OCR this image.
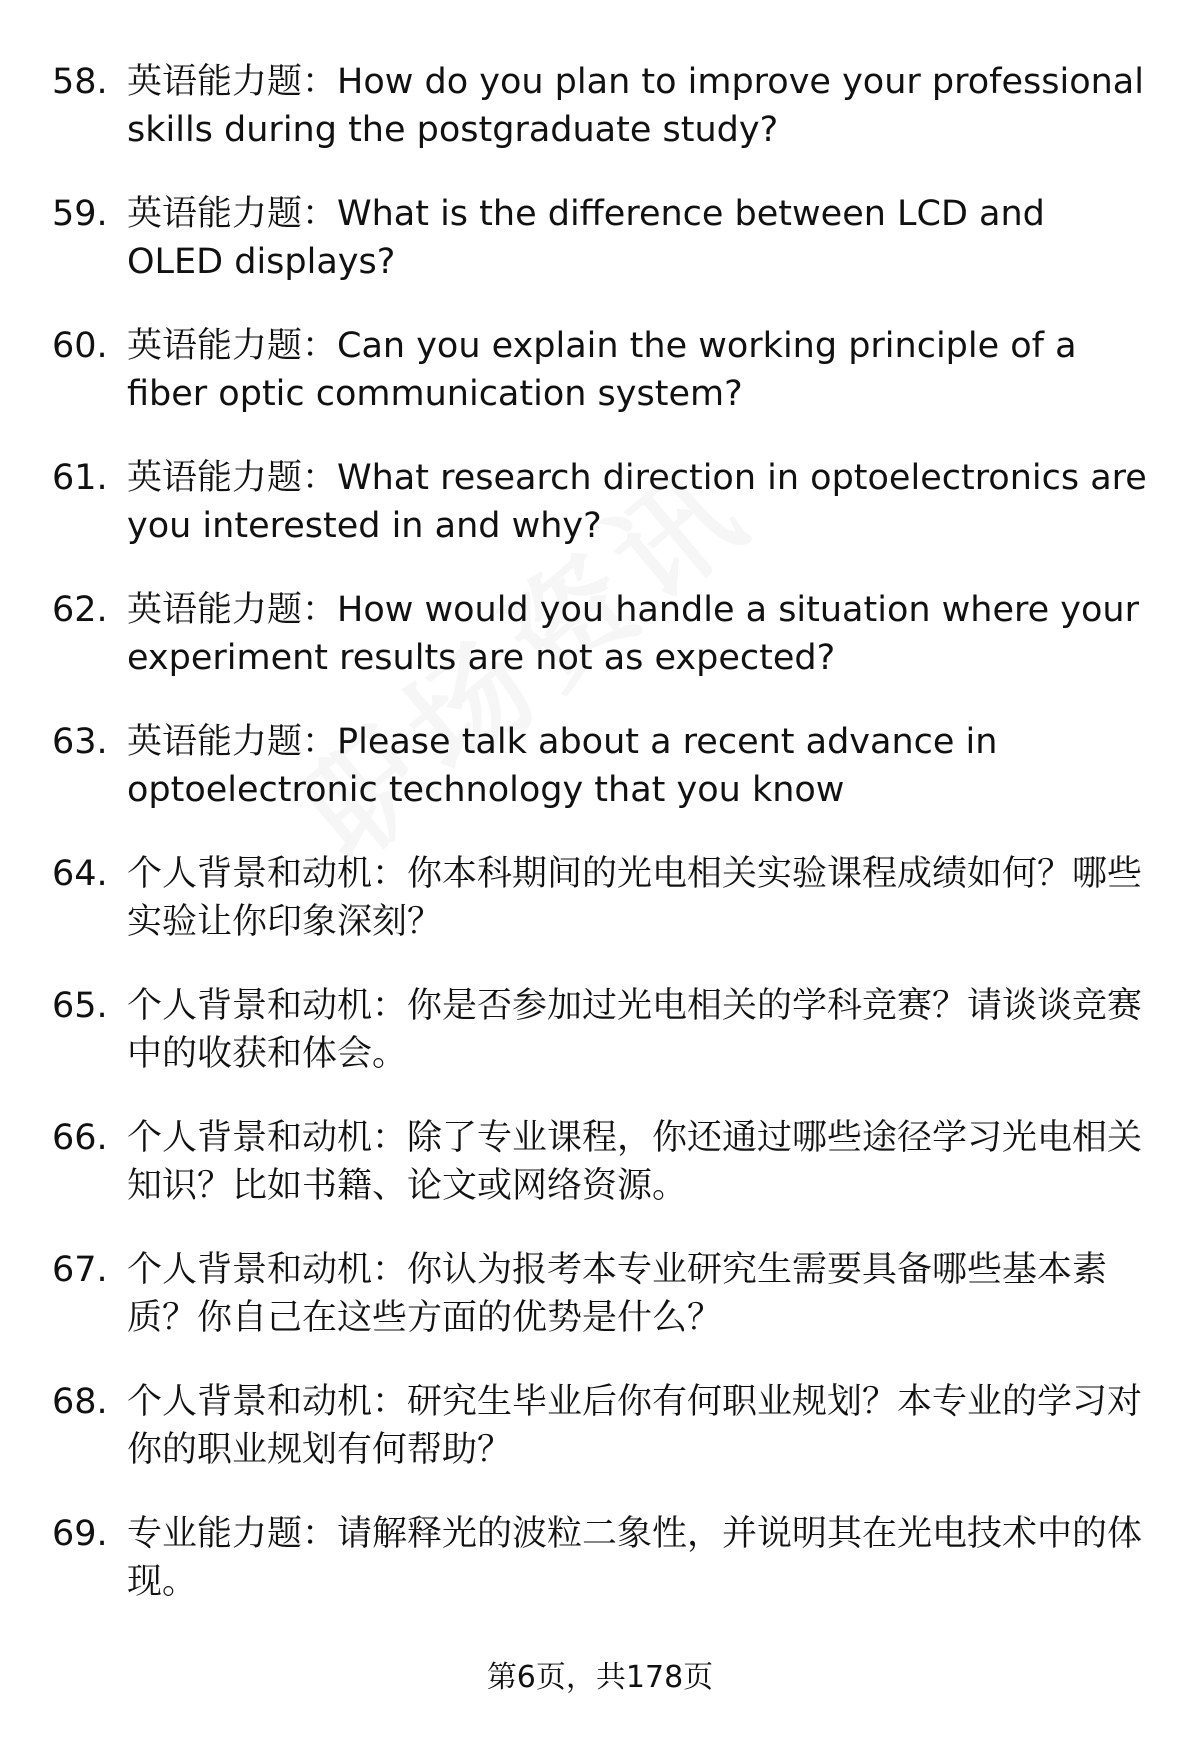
58. 英语能力题：How do you plan to improve your professional skills during the postgraduate study?
59. 英语能力题：What is the difference between LCD and OLED displays?
60. 英语能力题：Can you explain the working principle of a fiber optic communication system?
61. 英语能力题：What research direction in optoelectronics are you interested in and why?
62. 英语能力题：How would you handle a situation where your experiment results are not as expected?
63. 英语能力题：Please talk about a recent advance in optoelectronic technology that you know
64. 个人背景和动机：你本科期间的光电相关实验课程成绩如何？哪些实验让你印象深刻？
65. 个人背景和动机：你是否参加过光电相关的学科竞赛？请谈谈竞赛中的收获和体会。
66. 个人背景和动机：除了专业课程，你还通过哪些途径学习光电相关知识？比如书籍、论文或网络资源。
67. 个人背景和动机：你认为报考本专业研究生需要具备哪些基本素质？你自己在这些方面的优势是什么？
68. 个人背景和动机：研究生毕业后你有何职业规划？本专业的学习对你的职业规划有何帮助？
69. 专业能力题：请解释光的波粒二象性，并说明其在光电技术中的体现。
第6页，共178页
